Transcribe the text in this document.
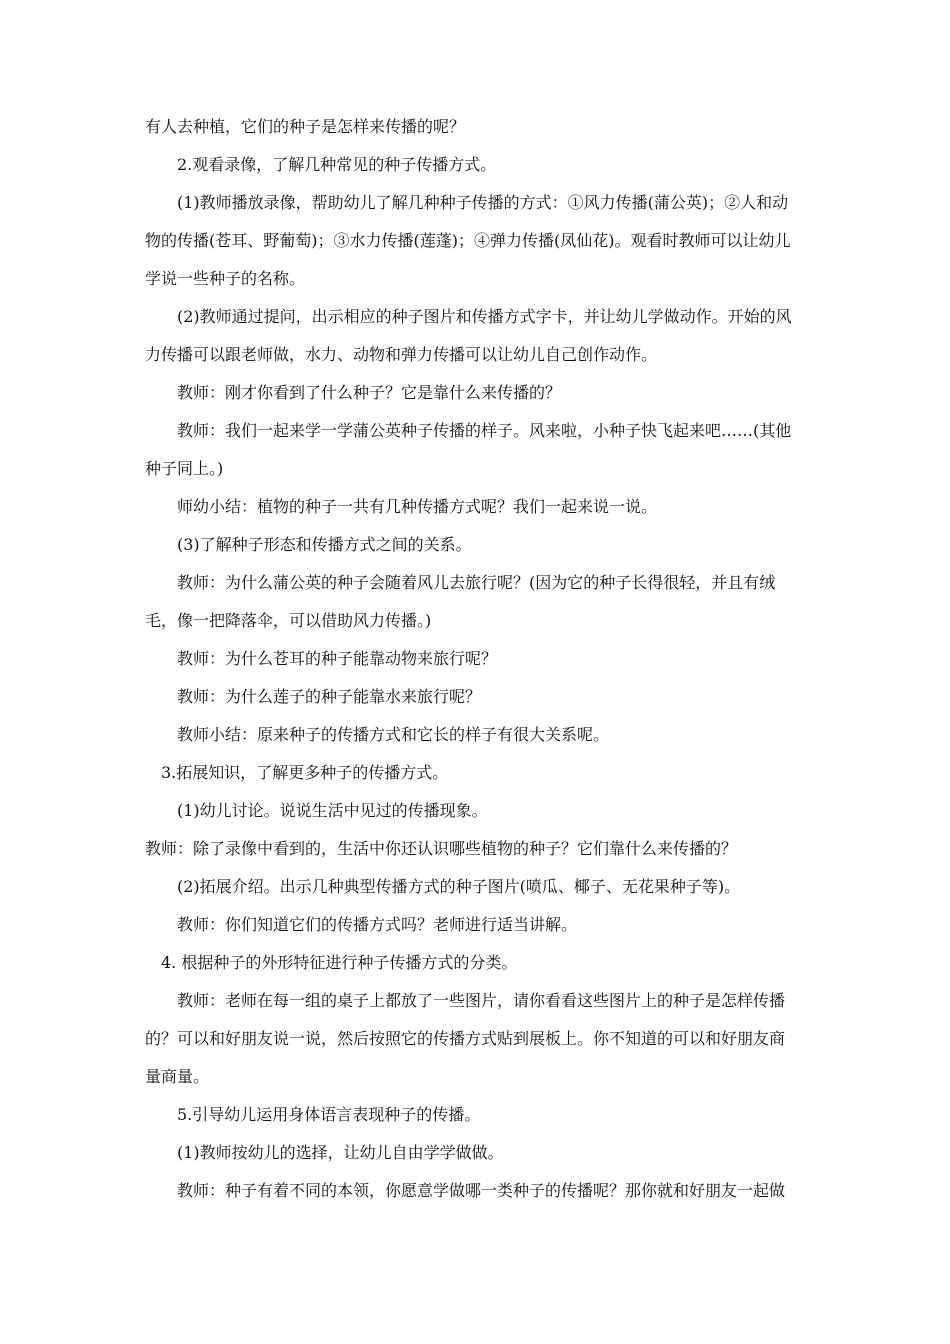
有人去种植，它们的种子是怎样来传播的呢？
2.观看录像，了解几种常见的种子传播方式。
(1)教师播放录像，帮助幼儿了解几种种子传播的方式：①风力传播(蒲公英)；②人和动
物的传播(苍耳、野葡萄)；③水力传播(莲蓬)；④弹力传播(凤仙花)。观看时教师可以让幼儿
学说一些种子的名称。
(2)教师通过提问，出示相应的种子图片和传播方式字卡，并让幼儿学做动作。开始的风
力传播可以跟老师做，水力、动物和弹力传播可以让幼儿自己创作动作。
教师：刚才你看到了什么种子？它是靠什么来传播的？
教师：我们一起来学一学蒲公英种子传播的样子。风来啦，小种子快飞起来吧……(其他
种子同上。)
师幼小结：植物的种子一共有几种传播方式呢？我们一起来说一说。
(3)了解种子形态和传播方式之间的关系。
教师：为什么蒲公英的种子会随着风儿去旅行呢？(因为它的种子长得很轻，并且有绒
毛，像一把降落伞，可以借助风力传播。)
教师：为什么苍耳的种子能靠动物来旅行呢？
教师：为什么莲子的种子能靠水来旅行呢？
教师小结：原来种子的传播方式和它长的样子有很大关系呢。
3.拓展知识，了解更多种子的传播方式。
(1)幼儿讨论。说说生活中见过的传播现象。
教师：除了录像中看到的，生活中你还认识哪些植物的种子？它们靠什么来传播的？
(2)拓展介绍。出示几种典型传播方式的种子图片(喷瓜、椰子、无花果种子等)。
教师：你们知道它们的传播方式吗？老师进行适当讲解。
4. 根据种子的外形特征进行种子传播方式的分类。
教师：老师在每一组的桌子上都放了一些图片，请你看看这些图片上的种子是怎样传播
的？可以和好朋友说一说，然后按照它的传播方式贴到展板上。你不知道的可以和好朋友商
量商量。
5.引导幼儿运用身体语言表现种子的传播。
(1)教师按幼儿的选择，让幼儿自由学学做做。
教师：种子有着不同的本领，你愿意学做哪一类种子的传播呢？那你就和好朋友一起做
